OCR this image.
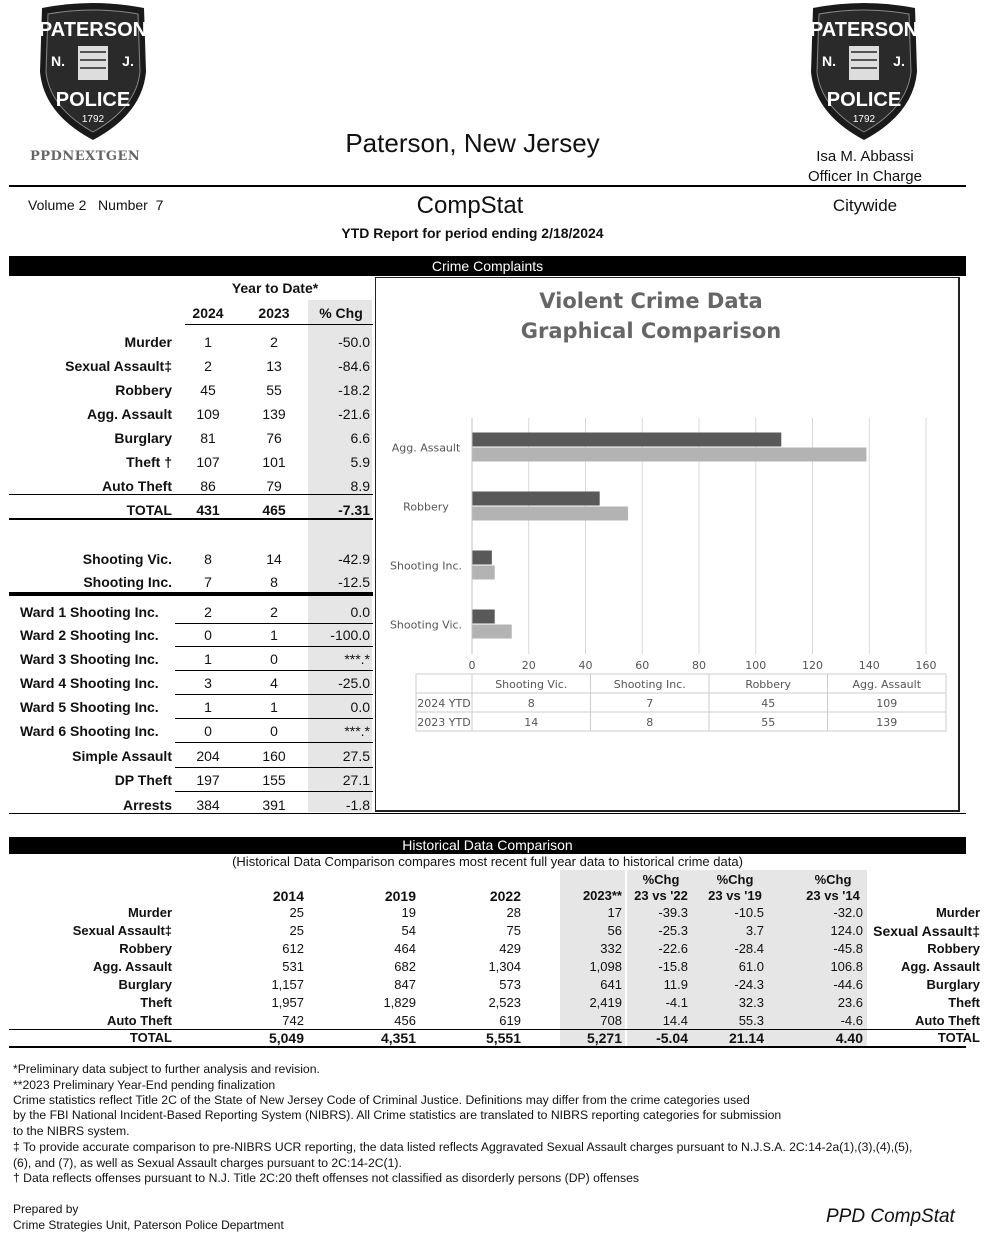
PATERSON
N.	J.
POLICE
1792
PATERSON
N.	J.
POLICE
1792
PPDNEXTGEN	Paterson, New Jersey	Isa M. Abbassi
Officer In Charge
Volume 2   Number  7	CompStat	Citywide
YTD Report for period ending 2/18/2024
Crime Complaints
Year to Date*
2024	2023	% Chg
Murder	1	2	-50.0
Sexual Assault‡	2	13	-84.6
Robbery	45	55	-18.2
Agg. Assault	109	139	-21.6
Burglary	81	76	6.6
Theft †	107	101	5.9
Auto Theft	86	79	8.9
TOTAL	431	465	-7.31
Shooting Vic.	8	14	-42.9
Shooting Inc.	7	8	-12.5
Ward 1 Shooting Inc.	2	2	0.0
Ward 2 Shooting Inc.	0	1	-100.0
Ward 3 Shooting Inc.	1	0	***.*
Ward 4 Shooting Inc.	3	4	-25.0
Ward 5 Shooting Inc.	1	1	0.0
Ward 6 Shooting Inc.	0	0	***.*
Simple Assault	204	160	27.5
DP Theft	197	155	27.1
Arrests	384	391	-1.8
Violent Crime Data
Graphical Comparison
0	20	40	60	80	100	120	140	160
Shooting Vic.
Shooting Inc.
Robbery
Agg. Assault
Shooting Vic.	Shooting Inc.	Robbery	Agg. Assault
2024 YTD	8	7	45	109
2023 YTD	14	8	55	139
Historical Data Comparison
(Historical Data Comparison compares most recent full year data to historical crime data)
2014	2019	2022	2023**
%Chg
23 vs '22
%Chg
23 vs '19
%Chg
23 vs '14
Murder	25	19	28	17	-39.3	-10.5	-32.0	Murder
Sexual Assault‡	25	54	75	56	-25.3	3.7	124.0 Sexual Assault‡
Robbery	612	464	429	332	-22.6	-28.4	-45.8	Robbery
Agg. Assault	531	682	1,304	1,098	-15.8	61.0	106.8	Agg. Assault
Burglary	1,157	847	573	641	11.9	-24.3	-44.6	Burglary
Theft	1,957	1,829	2,523	2,419	-4.1	32.3	23.6	Theft
Auto Theft	742	456	619	708	14.4	55.3	-4.6	Auto Theft
TOTAL	5,049	4,351	5,551	5,271	-5.04	21.14	4.40	TOTAL
*Preliminary data subject to further analysis and revision.
**2023 Preliminary Year-End pending finalization
Crime statistics reflect Title 2C of the State of New Jersey Code of Criminal Justice. Definitions may differ from the crime categories used
by the FBI National Incident-Based Reporting System (NIBRS). All Crime statistics are translated to NIBRS reporting categories for submission
to the NIBRS system.
‡ To provide accurate comparison to pre-NIBRS UCR reporting, the data listed reflects Aggravated Sexual Assault charges pursuant to N.J.S.A. 2C:14-2a(1),(3),(4),(5),
(6), and (7), as well as Sexual Assault charges pursuant to 2C:14-2C(1).
† Data reflects offenses pursuant to N.J. Title 2C:20 theft offenses not classified as disorderly persons (DP) offenses
Prepared by
Crime Strategies Unit, Paterson Police Department	PPD CompStat
